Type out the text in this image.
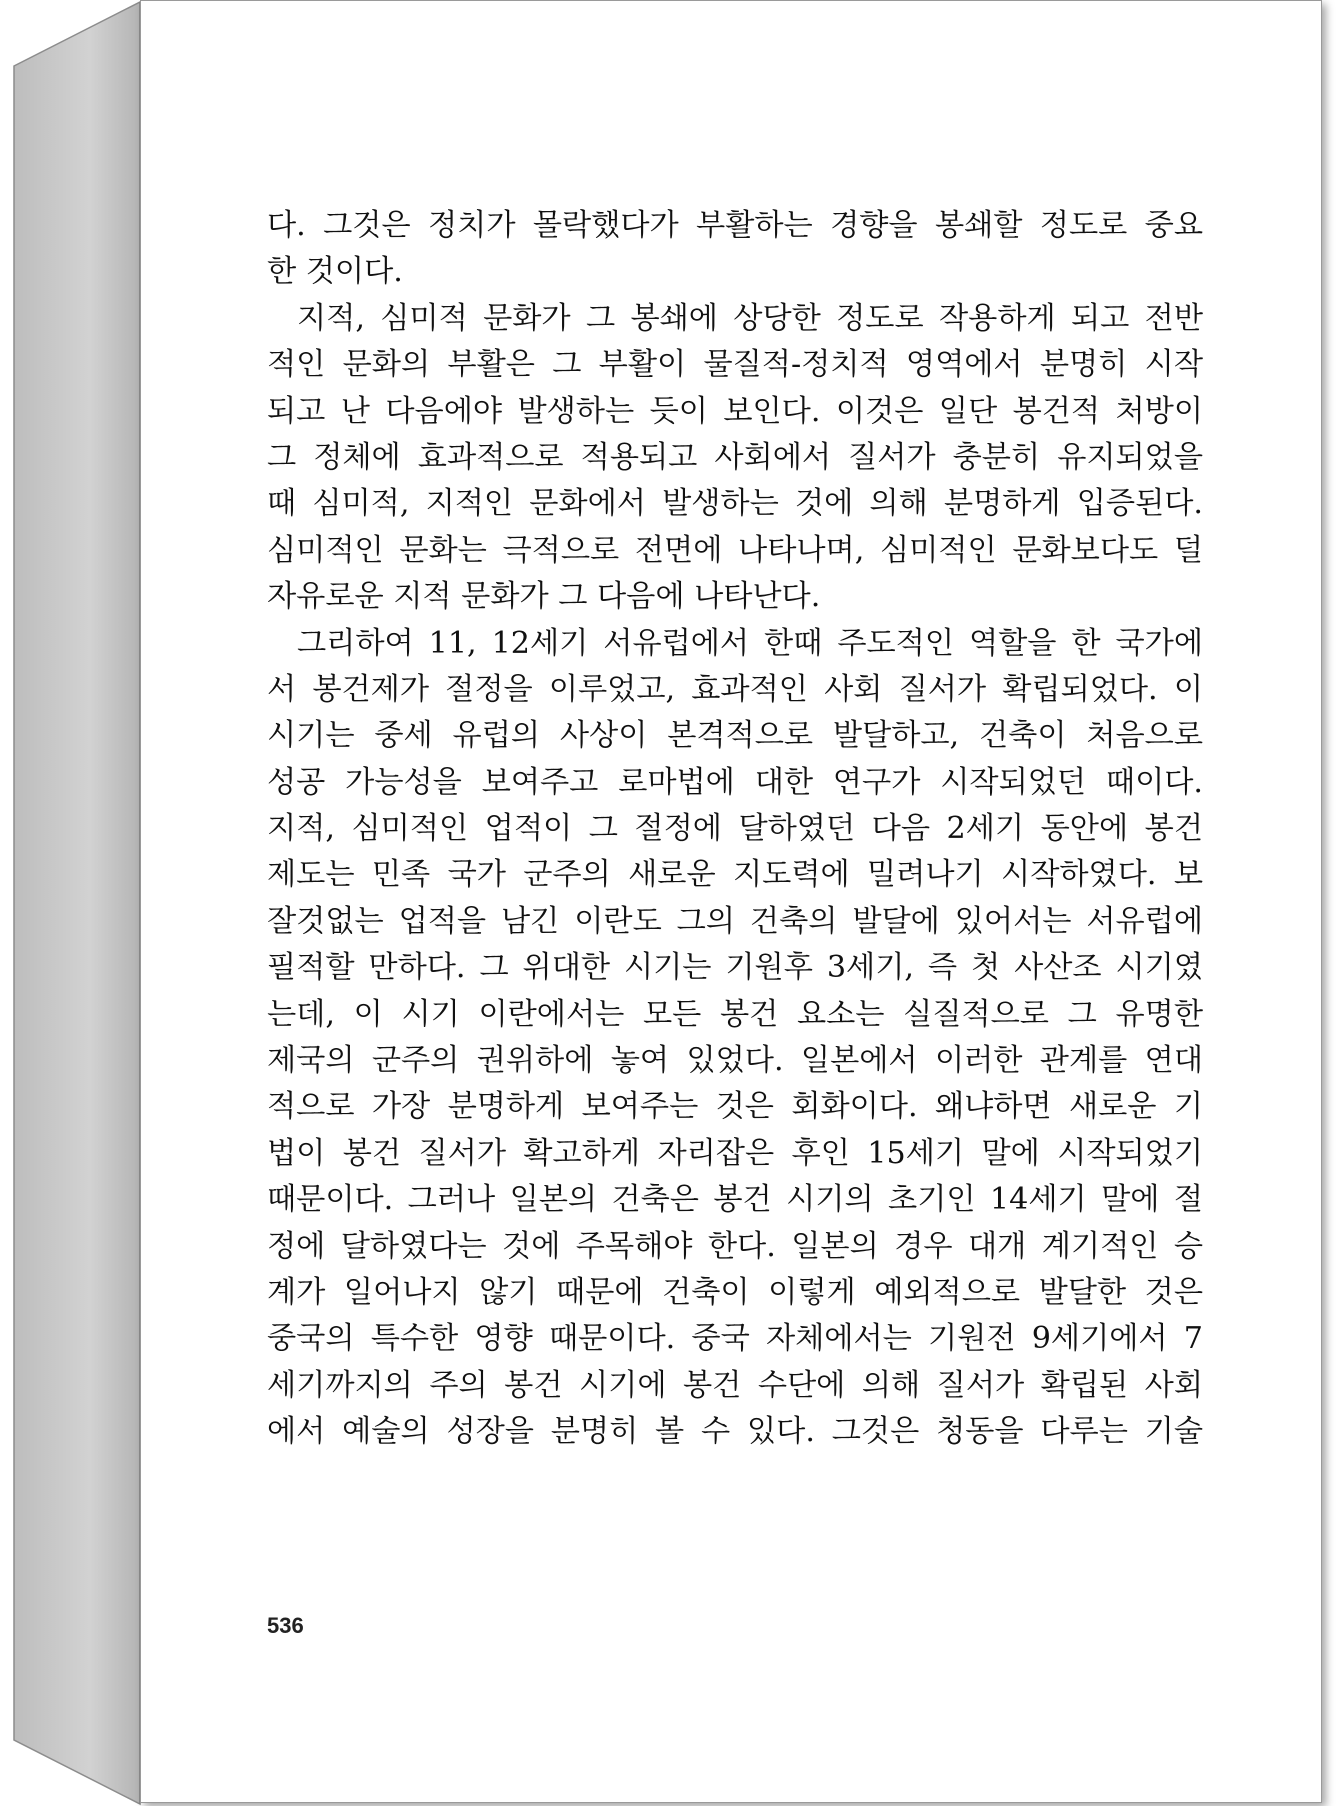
다. 그것은 정치가 몰락했다가 부활하는 경향을 봉쇄할 정도로 중요
한 것이다.
지적, 심미적 문화가 그 봉쇄에 상당한 정도로 작용하게 되고 전반
적인 문화의 부활은 그 부활이 물질적-정치적 영역에서 분명히 시작
되고 난 다음에야 발생하는 듯이 보인다. 이것은 일단 봉건적 처방이
그 정체에 효과적으로 적용되고 사회에서 질서가 충분히 유지되었을
때 심미적, 지적인 문화에서 발생하는 것에 의해 분명하게 입증된다.
심미적인 문화는 극적으로 전면에 나타나며, 심미적인 문화보다도 덜
자유로운 지적 문화가 그 다음에 나타난다.
그리하여 11, 12세기 서유럽에서 한때 주도적인 역할을 한 국가에
서 봉건제가 절정을 이루었고, 효과적인 사회 질서가 확립되었다. 이
시기는 중세 유럽의 사상이 본격적으로 발달하고, 건축이 처음으로
성공 가능성을 보여주고 로마법에 대한 연구가 시작되었던 때이다.
지적, 심미적인 업적이 그 절정에 달하였던 다음 2세기 동안에 봉건
제도는 민족 국가 군주의 새로운 지도력에 밀려나기 시작하였다. 보
잘것없는 업적을 남긴 이란도 그의 건축의 발달에 있어서는 서유럽에
필적할 만하다. 그 위대한 시기는 기원후 3세기, 즉 첫 사산조 시기였
는데, 이 시기 이란에서는 모든 봉건 요소는 실질적으로 그 유명한
제국의 군주의 권위하에 놓여 있었다. 일본에서 이러한 관계를 연대
적으로 가장 분명하게 보여주는 것은 회화이다. 왜냐하면 새로운 기
법이 봉건 질서가 확고하게 자리잡은 후인 15세기 말에 시작되었기
때문이다. 그러나 일본의 건축은 봉건 시기의 초기인 14세기 말에 절
정에 달하였다는 것에 주목해야 한다. 일본의 경우 대개 계기적인 승
계가 일어나지 않기 때문에 건축이 이렇게 예외적으로 발달한 것은
중국의 특수한 영향 때문이다. 중국 자체에서는 기원전 9세기에서 7
세기까지의 주의 봉건 시기에 봉건 수단에 의해 질서가 확립된 사회
에서 예술의 성장을 분명히 볼 수 있다. 그것은 청동을 다루는 기술
536
